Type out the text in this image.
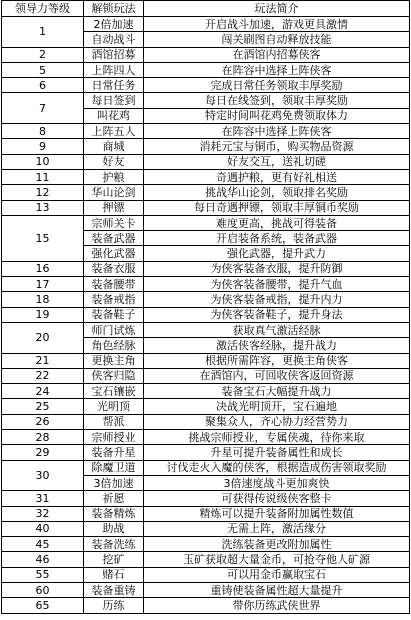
领导力等级	解锁玩法	玩法简介
1	2倍加速	开启战斗加速，游戏更具激情
	自动战斗	闯关刷图自动释放技能
2	酒馆招募	在酒馆内招募侠客
5	上阵四人	在阵容中选择上阵侠客
6	日常任务	完成日常任务领取丰厚奖励
7	每日签到	每日在线签到，领取丰厚奖励
	叫花鸡	特定时间叫花鸡免费领取体力
8	上阵五人	在阵容中选择上阵侠客
9	商城	消耗元宝与铜币，购买物品资源
10	好友	好友交互，送礼切磋
11	护粮	奇遇护粮，更有好礼相送
12	华山论剑	挑战华山论剑，领取排名奖励
13	押镖	每日奇遇押镖，领取丰厚铜币奖励
15	宗师关卡	难度更高，挑战可得装备
	装备武器	开启装备系统，装备武器
	强化武器	强化武器，提升武力
16	装备衣服	为侠客装备衣服，提升防御
17	装备腰带	为侠客装备腰带，提升气血
18	装备戒指	为侠客装备戒指，提升内力
19	装备鞋子	为侠客装备鞋子，提升身法
20	师门试炼	获取真气激活经脉
	角色经脉	激活侠客经脉，提升战力
21	更换主角	根据所需阵容，更换主角侠客
22	侠客归隐	在酒馆内，可回收侠客返回资源
24	宝石镶嵌	装备宝石大幅提升战力
25	光明顶	决战光明顶开，宝石遍地
26	帮派	聚集众人，齐心协力经营势力
28	宗师授业	挑战宗师授业，专属侠魂，待你来取
29	装备升星	升星可提升装备属性和成长
30	除魔卫道	讨伐走火入魔的侠客，根据造成伤害领取奖励
	3倍加速	3倍速度战斗更加爽快
31	祈愿	可获得传说级侠客整卡
32	装备精炼	精炼可以提升装备附加属性数值
40	助战	无需上阵，激活缘分
45	装备洗练	洗练装备更改附加属性
46	挖矿	玉矿获取超大量金币，可抢夺他人矿源
55	赌石	可以用金币赢取宝石
60	装备重铸	重铸使装备属性超大量提升
65	历练	带你历练武侠世界
